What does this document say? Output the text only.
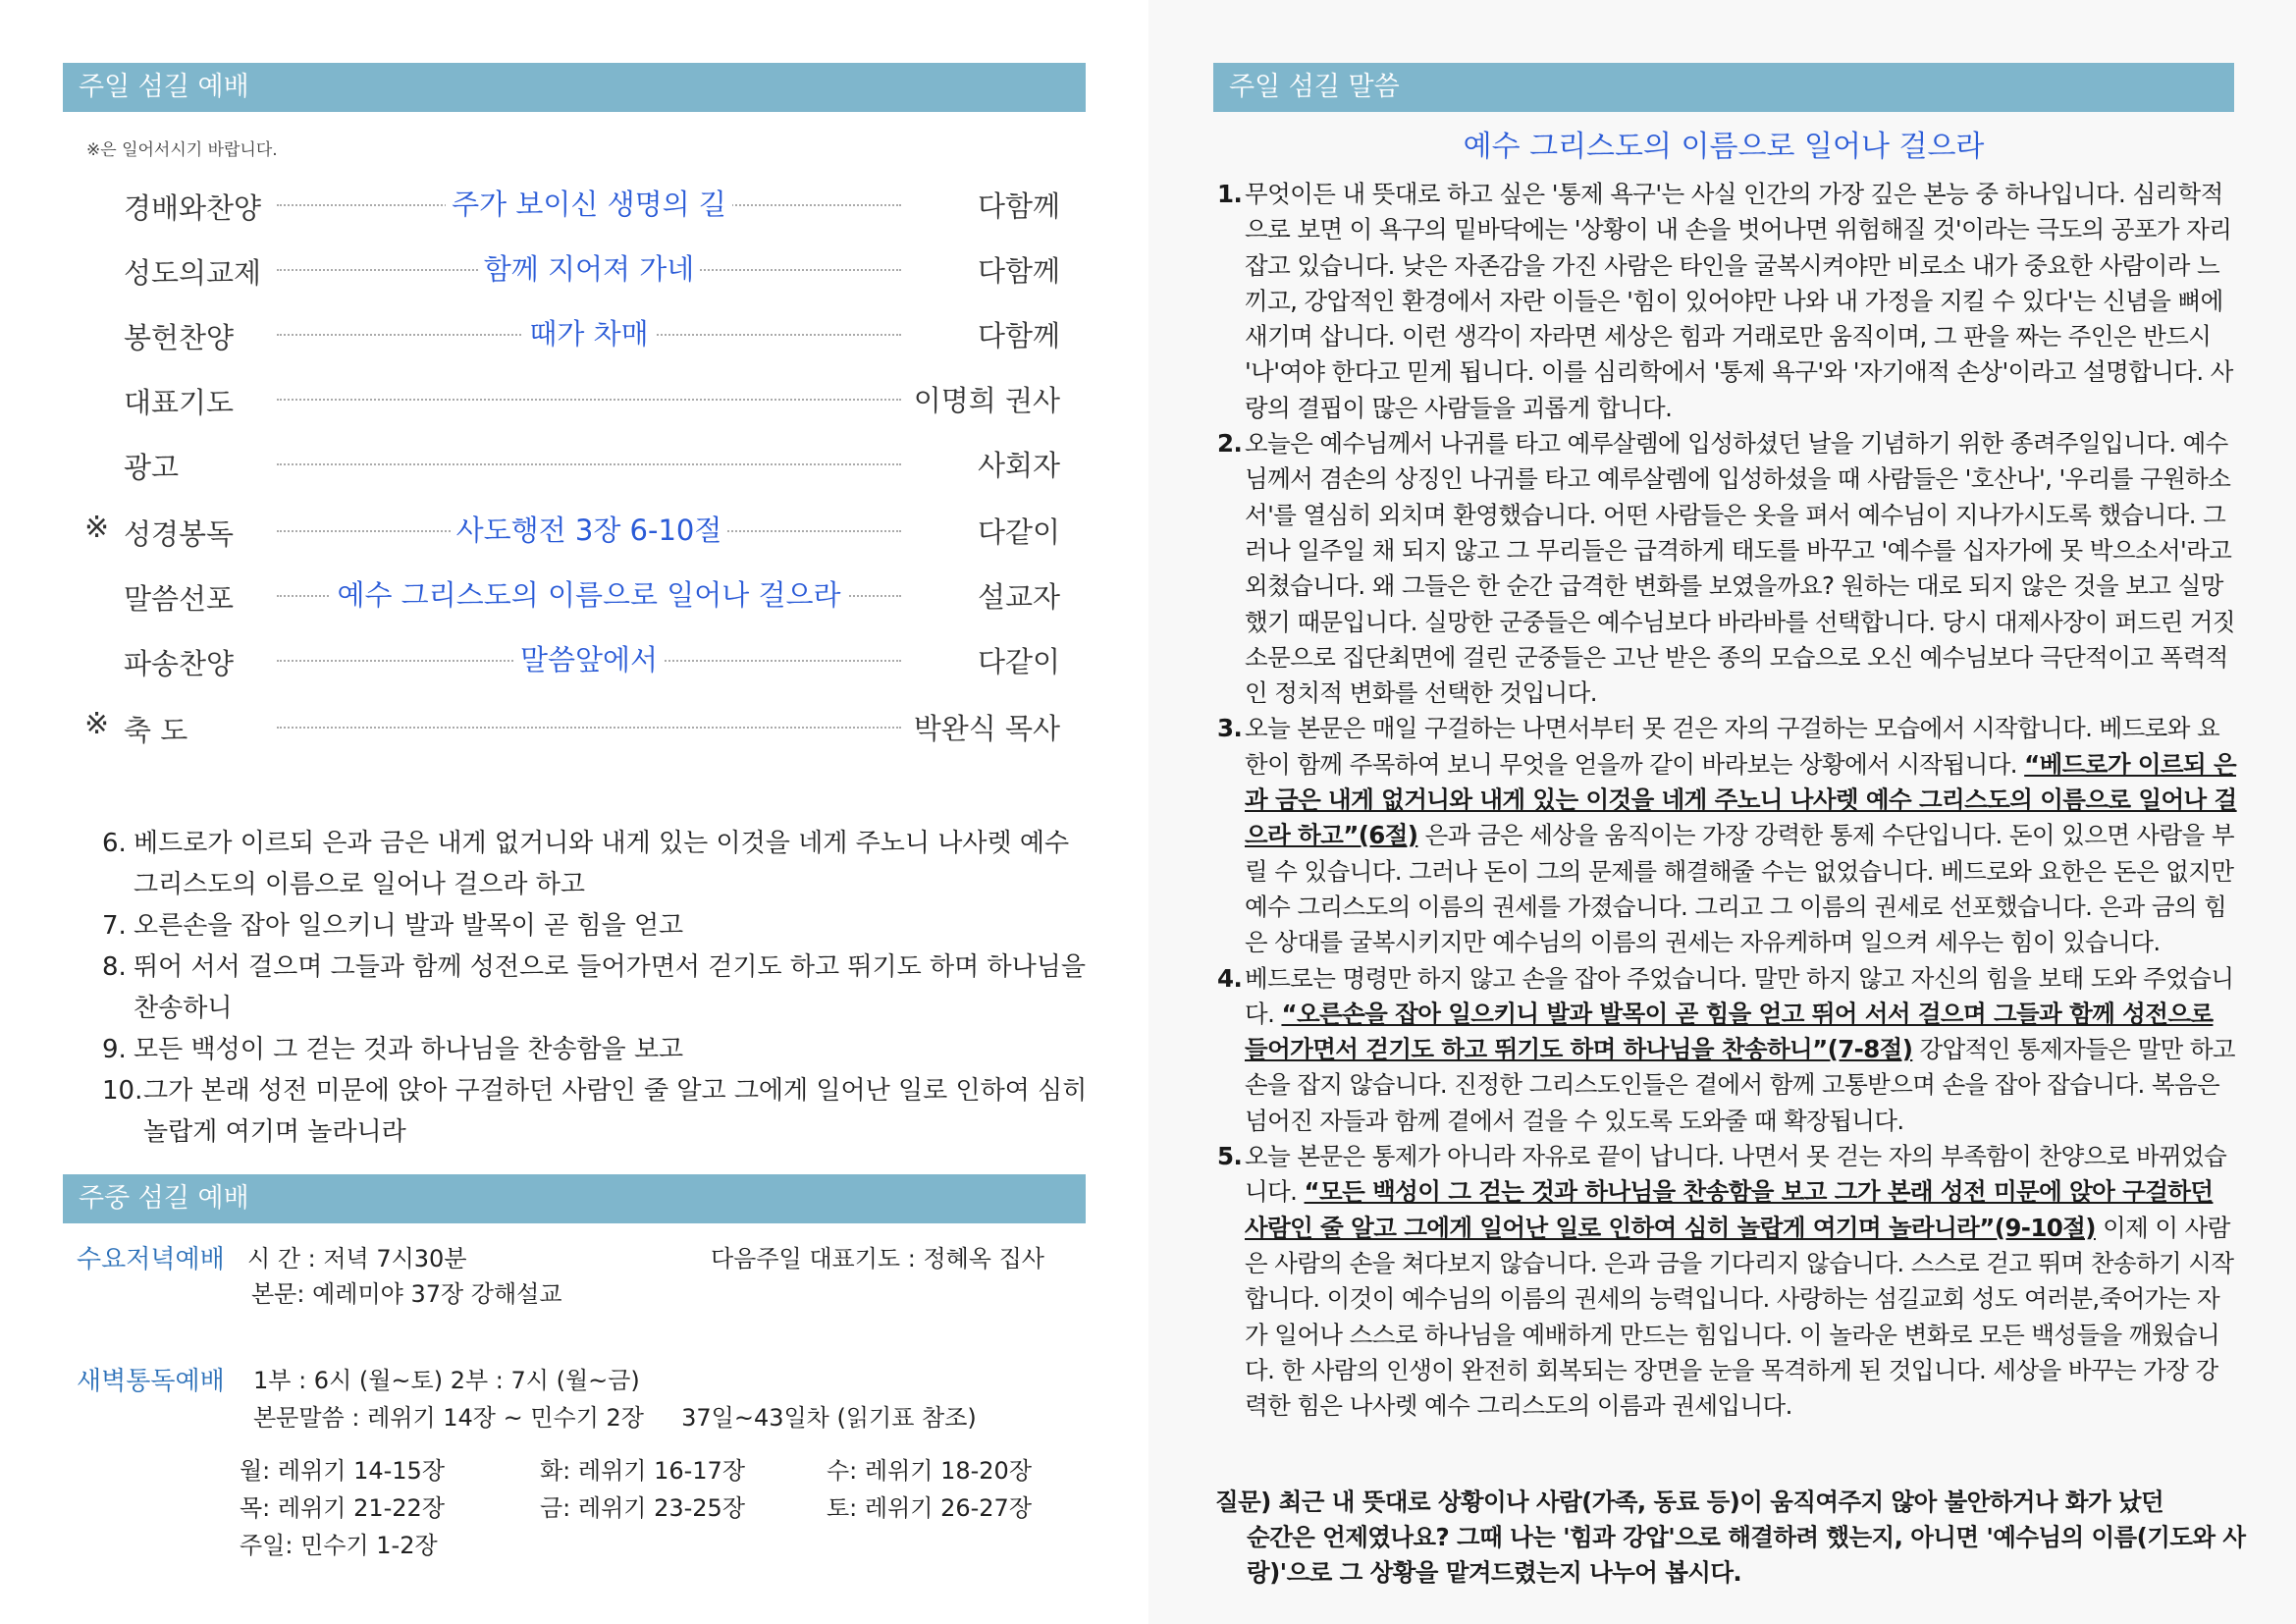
주일 섬길 예배
※은 일어서시기 바랍니다.
경배와찬양	주가 보이신 생명의 길	다함께
성도의교제	함께 지어져 가네	다함께
봉헌찬양	때가 차매	다함께
대표기도	이명희 권사
광고	사회자
※ 성경봉독	사도행전 3장 6-10절	다같이
말씀선포	예수 그리스도의 이름으로 일어나 걸으라	설교자
파송찬양	말씀앞에서	다같이
※ 축 도	박완식 목사
6. 베드로가 이르되 은과 금은 내게 없거니와 내게 있는 이것을 네게 주노니 나사렛 예수
그리스도의 이름으로 일어나 걸으라 하고
7. 오른손을 잡아 일으키니 발과 발목이 곧 힘을 얻고
8. 뛰어 서서 걸으며 그들과 함께 성전으로 들어가면서 걷기도 하고 뛰기도 하며 하나님을 찬송하니
9. 모든 백성이 그 걷는 것과 하나님을 찬송함을 보고
10. 그가 본래 성전 미문에 앉아 구걸하던 사람인 줄 알고 그에게 일어난 일로 인하여 심히
놀랍게 여기며 놀라니라
주중 섬길 예배
수요저녁예배 시 간 : 저녁 7시30분	다음주일 대표기도 : 정혜옥 집사
본문: 예레미야 37장 강해설교
새벽통독예배 1부 : 6시 (월~토) 2부 : 7시 (월~금)
본문말씀 : 레위기 14장 ~ 민수기 2장     37일~43일차 (읽기표 참조)
월: 레위기 14-15장	화: 레위기 16-17장	수: 레위기 18-20장
목: 레위기 21-22장	금: 레위기 23-25장	토: 레위기 26-27장
주일: 민수기 1-2장
주일 섬길 말씀
예수 그리스도의 이름으로 일어나 걸으라
1. 무엇이든 내 뜻대로 하고 싶은 '통제 욕구'는 사실 인간의 가장 깊은 본능 중 하나입니다. 심리학적으로 보면 이 욕구의 밑바닥에는 '상황이 내 손을 벗어나면 위험해질 것'이라는 극도의 공포가 자리 잡고 있습니다. 낮은 자존감을 가진 사람은 타인을 굴복시켜야만 비로소 내가 중요한 사람이라 느끼고, 강압적인 환경에서 자란 이들은 '힘이 있어야만 나와 내 가정을 지킬 수 있다'는 신념을 뼈에 새기며 삽니다. 이런 생각이 자라면 세상은 힘과 거래로만 움직이며, 그 판을 짜는 주인은 반드시 '나'여야 한다고 믿게 됩니다. 이를 심리학에서 '통제 욕구'와 '자기애적 손상'이라고 설명합니다. 사랑의 결핍이 많은 사람들을 괴롭게 합니다.
2. 오늘은 예수님께서 나귀를 타고 예루살렘에 입성하셨던 날을 기념하기 위한 종려주일입니다. 예수님께서 겸손의 상징인 나귀를 타고 예루살렘에 입성하셨을 때 사람들은 '호산나', '우리를 구원하소서'를 열심히 외치며 환영했습니다. 어떤 사람들은 옷을 펴서 예수님이 지나가시도록 했습니다. 그러나 일주일 채 되지 않고 그 무리들은 급격하게 태도를 바꾸고 '예수를 십자가에 못 박으소서'라고 외쳤습니다. 왜 그들은 한 순간 급격한 변화를 보였을까요? 원하는 대로 되지 않은 것을 보고 실망했기 때문입니다. 실망한 군중들은 예수님보다 바라바를 선택합니다. 당시 대제사장이 퍼드린 거짓소문으로 집단최면에 걸린 군중들은 고난 받은 종의 모습으로 오신 예수님보다 극단적이고 폭력적인 정치적 변화를 선택한 것입니다.
3. 오늘 본문은 매일 구걸하는 나면서부터 못 걷은 자의 구걸하는 모습에서 시작합니다. 베드로와 요한이 함께 주목하여 보니 무엇을 얻을까 같이 바라보는 상황에서 시작됩니다. “베드로가 이르되 은과 금은 내게 없거니와 내게 있는 이것을 네게 주노니 나사렛 예수 그리스도의 이름으로 일어나 걸으라 하고”(6절) 은과 금은 세상을 움직이는 가장 강력한 통제 수단입니다. 돈이 있으면 사람을 부릴 수 있습니다. 그러나 돈이 그의 문제를 해결해줄 수는 없었습니다. 베드로와 요한은 돈은 없지만 예수 그리스도의 이름의 권세를 가졌습니다. 그리고 그 이름의 권세로 선포했습니다. 은과 금의 힘은 상대를 굴복시키지만 예수님의 이름의 권세는 자유케하며 일으켜 세우는 힘이 있습니다.
4. 베드로는 명령만 하지 않고 손을 잡아 주었습니다. 말만 하지 않고 자신의 힘을 보태 도와 주었습니다. “오른손을 잡아 일으키니 발과 발목이 곧 힘을 얻고 뛰어 서서 걸으며 그들과 함께 성전으로 들어가면서 걷기도 하고 뛰기도 하며 하나님을 찬송하니”(7-8절) 강압적인 통제자들은 말만 하고 손을 잡지 않습니다. 진정한 그리스도인들은 곁에서 함께 고통받으며 손을 잡아 잡습니다. 복음은 넘어진 자들과 함께 곁에서 걸을 수 있도록 도와줄 때 확장됩니다.
5. 오늘 본문은 통제가 아니라 자유로 끝이 납니다. 나면서 못 걷는 자의 부족함이 찬양으로 바뀌었습니다. “모든 백성이 그 걷는 것과 하나님을 찬송함을 보고 그가 본래 성전 미문에 앉아 구걸하던 사람인 줄 알고 그에게 일어난 일로 인하여 심히 놀랍게 여기며 놀라니라”(9-10절) 이제 이 사람은 사람의 손을 쳐다보지 않습니다. 은과 금을 기다리지 않습니다. 스스로 걷고 뛰며 찬송하기 시작합니다. 이것이 예수님의 이름의 권세의 능력입니다. 사랑하는 섬길교회 성도 여러분,죽어가는 자가 일어나 스스로 하나님을 예배하게 만드는 힘입니다. 이 놀라운 변화로 모든 백성들을 깨웠습니다. 한 사람의 인생이 완전히 회복되는 장면을 눈을 목격하게 된 것입니다. 세상을 바꾸는 가장 강력한 힘은 나사렛 예수 그리스도의 이름과 권세입니다.
질문) 최근 내 뜻대로 상황이나 사람(가족, 동료 등)이 움직여주지 않아 불안하거나 화가 났던
순간은 언제였나요? 그때 나는 '힘과 강압'으로 해결하려 했는지, 아니면 '예수님의 이름(기도와 사랑)'으로 그 상황을 맡겨드렸는지 나누어 봅시다.
